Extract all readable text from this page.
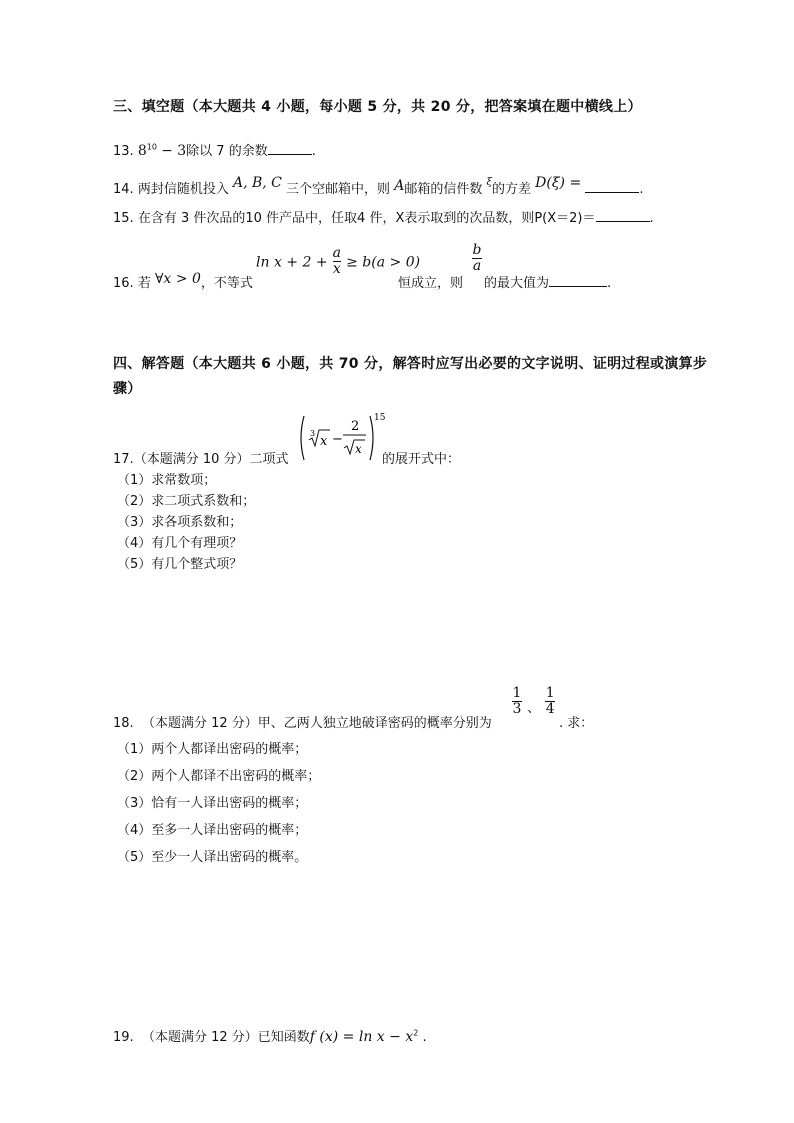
三、填空题（本大题共 4 小题，每小题 5 分，共 20 分，把答案填在题中横线上）
13. $8^{10} - 3$除以 7 的余数	.
14. 两封信随机投入 A, B, C 三个空邮箱中，则 A邮箱的信件数 $^\xi$的方差 D(ξ) =	.
15. 在含有 3 件次品的10 件产品中，任取4 件，X表示取到的次品数，则P(X＝2)＝	.
16. 若 ∀x > 0，不等式
$\ln x + 2 + \frac{a}{x} \ge b(a > 0)$
恒成立，则
$\frac{b}{a}$
的最大值为	.
四、解答题（本大题共 6 小题，共 70 分，解答时应写出必要的文字说明、证明过程或演算步
骤）
17.（本题满分 10 分）二项式
3
x −
2
x
15
的展开式中：
（1）求常数项；
（2）求二项式系数和；
（3）求各项系数和；
（4）有几个有理项？
（5）有几个整式项？
18. （本题满分 12 分）甲、乙两人独立地破译密码的概率分别为
$\frac{1}{3} _、 \frac{1}{4}$
. 求：
（1）两个人都译出密码的概率；
（2）两个人都译不出密码的概率；
（3）恰有一人译出密码的概率；
（4）至多一人译出密码的概率；
（5）至少一人译出密码的概率。
19. （本题满分 12 分）已知函数f $(x) = \ln x - x^2$ .
